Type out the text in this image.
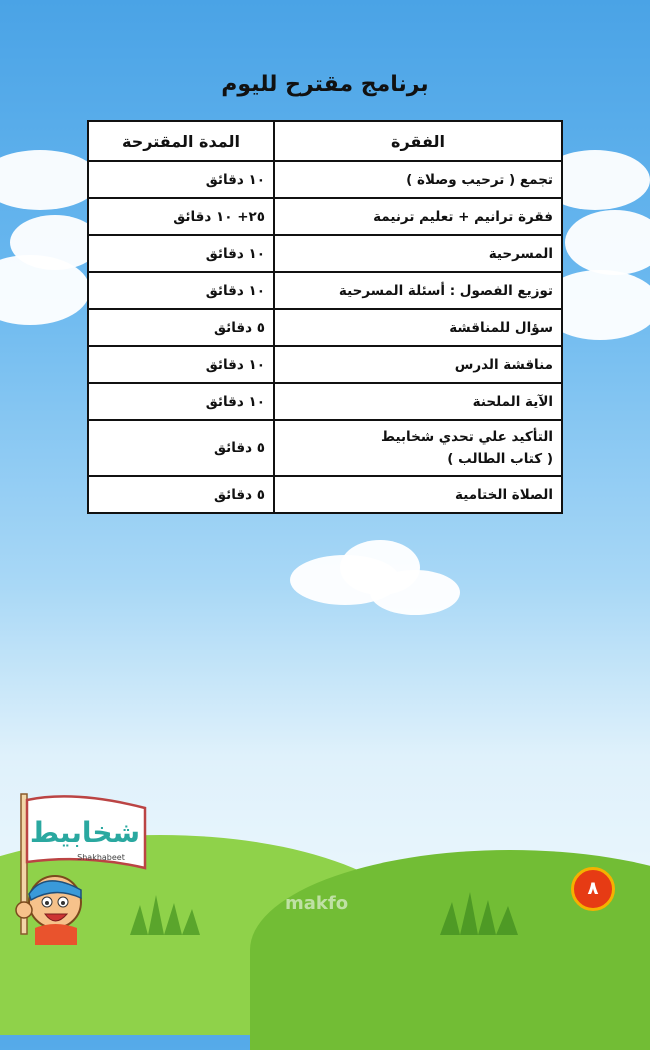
برنامج مقترح لليوم
الفقرة	المدة المقترحة
تجمع ( ترحيب وصلاة )	١٠ دقائق
فقرة ترانيم + تعليم ترنيمة	٢٥+ ١٠ دقائق
المسرحية	١٠ دقائق
توزيع الفصول : أسئلة المسرحية	١٠ دقائق
سؤال للمناقشة	٥ دقائق
مناقشة الدرس	١٠ دقائق
الآية الملحنة	١٠ دقائق

التأكيد علي تحدي شخابيط
( كتاب الطالب )	٥ دقائق
الصلاة الختامية	٥ دقائق
شخابيط
Shakhabeet
makfo
٨
